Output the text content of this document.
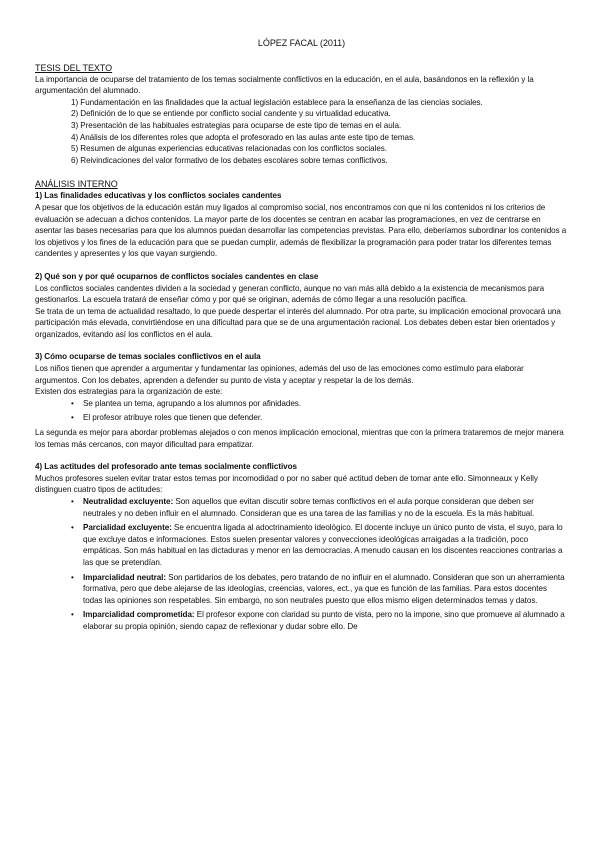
LÓPEZ FACAL (2011)
TESIS DEL TEXTO

La importancia de ocuparse del tratamiento de los temas socialmente conflictivos en la educación, en el aula, basándonos en la reflexión y la argumentación del alumnado.

1) Fundamentación en las finalidades que la actual legislación establece para la enseñanza de las ciencias sociales.
2) Definición de lo que se entiende por conflicto social candente y su virtualidad educativa.
3) Presentación de las habituales estrategias para ocuparse de este tipo de temas en el aula.
4) Análisis de los diferentes roles que adopta el profesorado en las aulas ante este tipo de temas.
5) Resumen de algunas experiencias educativas relacionadas con los conflictos sociales.
6) Reivindicaciones del valor formativo de los debates escolares sobre temas conflictivos.
ANÁLISIS INTERNO
1) Las finalidades educativas y los conflictos sociales candentes

A pesar que los objetivos de la educación están muy ligados al compromiso social, nos encontramos con que ni los contenidos ni los criterios de evaluación se adecuan a dichos contenidos. La mayor parte de los docentes se centran en acabar las programaciones, en vez de centrarse en asentar las bases necesarias para que los alumnos puedan desarrollar las competencias previstas. Para ello, deberíamos subordinar los contenidos a los objetivos y los fines de la educación para que se puedan cumplir, además de flexibilizar la programación para poder tratar los diferentes temas candentes y apresentes y los que vayan surgiendo.

2) Qué son y por qué ocuparnos de conflictos sociales candentes en clase

Los conflictos sociales candentes dividen a la sociedad y generan conflicto, aunque no van más allá debido a la existencia de mecanismos para gestionarlos. La escuela tratará de enseñar cómo y por qué se originan, además de cómo llegar a una resolución pacífica.

Se trata de un tema de actualidad resaltado, lo que puede despertar el interés del alumnado. Por otra parte, su implicación emocional provocará una participación más elevada, convirtiéndose en una dificultad para que se de una argumentación racional. Los debates deben estar bien orientados y organizados, evitando así los conflictos en el aula.

3) Cómo ocuparse de temas sociales conflictivos en el aula

Los niños tienen que aprender a argumentar y fundamentar las opiniones, además del uso de las emociones como estímulo para elaborar argumentos. Con los debates, aprenden a defender su punto de vista y aceptar y respetar la de los demás.

Existen dos estrategias para la organización de este:

• Se plantea un tema, agrupando a los alumnos por afinidades.
• El profesor atribuye roles que tienen que defender.

La segunda es mejor para abordar problemas alejados o con menos implicación emocional, mientras que con la primera trataremos de mejor manera los temas más cercanos, con mayor dificultad para empatizar.

4) Las actitudes del profesorado ante temas socialmente conflictivos

Muchos profesores suelen evitar tratar estos temas por incomodidad o por no saber qué actitud deben de tomar ante ello. Simonneaux y Kelly distinguen cuatro tipos de actitudes:

• Neutralidad excluyente: Son aquellos que evitan discutir sobre temas conflictivos en el aula porque consideran que deben ser neutrales y no deben influir en el alumnado. Consideran que es una tarea de las familias y no de la escuela. Es la más habitual.
• Parcialidad excluyente: Se encuentra ligada al adoctrinamiento ideológico. El docente incluye un único punto de vista, el suyo, para lo que excluye datos e informaciones. Estos suelen presentar valores y convecciones ideológicas arraigadas a la tradición, poco empáticas. Son más habitual en las dictaduras y menor en las democracias. A menudo causan en los discentes reacciones contrarias a las que se pretendían.
• Imparcialidad neutral: Son partidarios de los debates, pero tratando de no influir en el alumnado. Consideran que son un aherramienta formativa, pero que debe alejarse de las ideologías, creencias, valores, ect., ya que es función de las familias. Para estos docentes todas las opiniones son respetables. Sin embargo, no son neutrales puesto que ellos mismo eligen determinados temas y datos.
• Imparcialidad comprometida: El profesor expone con claridad su punto de vista, pero no la impone, sino que promueve al alumnado a elaborar su propia opinión, siendo capaz de reflexionar y dudar sobre ello. De
